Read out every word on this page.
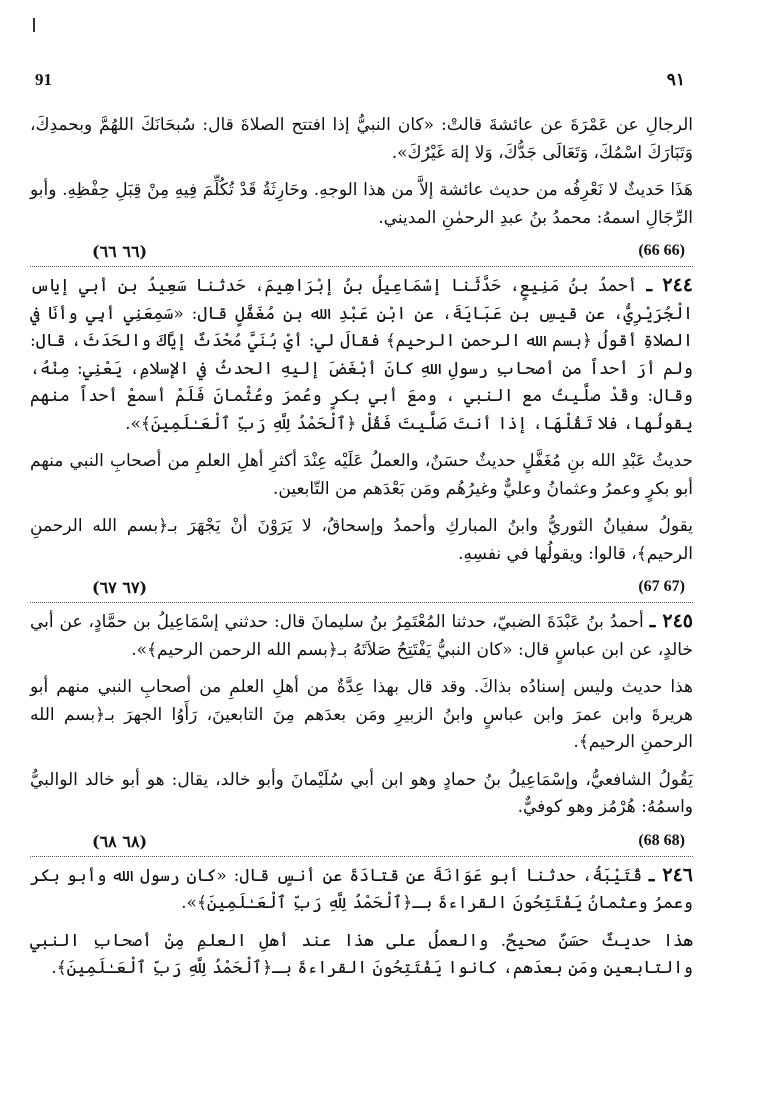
91	٩١

الرجالِ عن عَمْرَةَ عن عائشةَ قالتْ: «كان النبيُّ إذا افتتح الصلاةَ قال: سُبحَانَكَ اللهُمَّ وبحمدِكَ، وَتَبَارَكَ اسْمُكَ، وَتَعَالَى جَدُّكَ، وَلا إلهَ غَيْرُكَ».

هَذَا حَديثٌ لا نَعْرِفُه من حديث عائشة إلاَّ من هذا الوجهِ. وحَارِثَةُ قَدْ تُكُلِّمَ فِيهِ مِنْ قِبَلِ حِفْظِهِ. وأبو الرِّجَالِ اسمهُ: محمدُ بنُ عبدِ الرحمٰنِ المديني.

(٦٦ ٦٦)	(66 66)

٢٤٤ ـ أحمدُ بنُ مَنِيعٍ، حَدَّثَنا إسْمَاعِيلُ بنُ إبْرَاهِيمَ، حَدثنا سَعِيدُ بن أبي إياس الْجُرَيْرِيُّ، عن قيسِ بن عَبَايَةَ، عن ابْنِ عَبْدِ الله بن مُغَفَّلٍ قال: «سَمِعَنِي أبِي وأنَا في الصلاةِ أقولُ ﴿بسم الله الرحمن الرحيم﴾ فقالَ لي: أيْ بُنَيَّ مُحْدَثٌ إيَّاكَ والحَدَثَ، قال: ولم أرَ أحداً من أصحابِ رسولِ اللهِ كانَ أبْغَضَ إليهِ الحدثُ في الإسلامِ، يَعْنِي: مِنْهُ، وقال: وقَدْ صلَّيتُ مع النبي ، ومعَ أبي بكرٍ وعُمرَ وعُثْمانَ فَلَمْ أسمعْ أحداً منهم يقولُها، فلا تَقُلْهَا، إذا أنتَ صَلَّيتَ فَقُلْ ﴿ٱلْحَمْدُ لِلَّهِ رَبِّ ٱلْعَـٰلَمِينَ﴾».

حديثُ عَبْدِ الله بنِ مُغَفَّلٍ حديثٌ حسَنٌ، والعملُ عَلَيْه عِنْدَ أكثرِ أهلِ العلمِ من أصحابِ النبي منهم أبو بكرٍ وعمرُ وعثمانُ وعليٌّ وغيرُهُم ومَن بَعْدَهم من التّابعين.

يقولُ سفيانُ الثوريُّ وابنُ المباركِ وأحمدُ وإسحاقُ، لا يَرَوْنَ أنْ يَجْهَرَ بـ﴿بسم الله الرحمنِ الرحيم﴾، قالوا: ويقولُها في نفسِهِ.

(٦٧ ٦٧)	(67 67)

٢٤٥ ـ أحمدُ بنُ عَبْدَةَ الضبيّ، حدثنا المُعْتَمِرُ بنُ سليمانَ قال: حدثني إسْمَاعِيلُ بن حمَّادٍ، عن أبي خالدٍ، عن ابن عباسٍ قال: «كان النبيُّ يَفْتَتِحُ صَلاَتَهُ بـ﴿بسم الله الرحمن الرحيم﴾».

هذا حديث وليس إسنادُه بذاكَ. وقد قال بهذا عِدَّةٌ من أهلِ العلمِ من أصحابِ النبي منهم أبو هريرةَ وابن عمرَ وابن عباسٍ وابنُ الزبيرِ ومَن بعدَهم مِنَ التابعينَ، رَأَوُا الجهرَ بـ﴿بسم الله الرحمنِ الرحيم﴾.

يَقُولُ الشافعيُّ، وإسْمَاعِيلُ بنُ حمادٍ وهو ابن أبي سُلَيْمانَ وأبو خالد، يقال: هو أبو خالد الوالبيُّ واسمُهُ: هُرْمُز وهو كوفيٌّ.

(٦٨ ٦٨)	(68 68)

٢٤٦ ـ قُتَيْبَةُ، حدثنا أبو عَوَانَةَ عن قتادَةَ عن أنسٍ قال: «كان رسول الله وأبو بكر وعمرُ وعثمانُ يَفْتَتِحُونَ القراءةَ بـ﴿ٱلْحَمْدُ لِلَّهِ رَبِّ ٱلْعَـٰلَمِينَ﴾».

هذا حديثٌ حسَنٌ صحيحٌ. والعملُ على هذا عند أهلِ العلمِ مِنْ أصحابِ النبي والتابعين ومَن بعدَهم، كانوا يَفْتَتِحُونَ القراءةَ بـ﴿ٱلْحَمْدُ لِلَّهِ رَبِّ ٱلْعَـٰلَمِينَ﴾.
